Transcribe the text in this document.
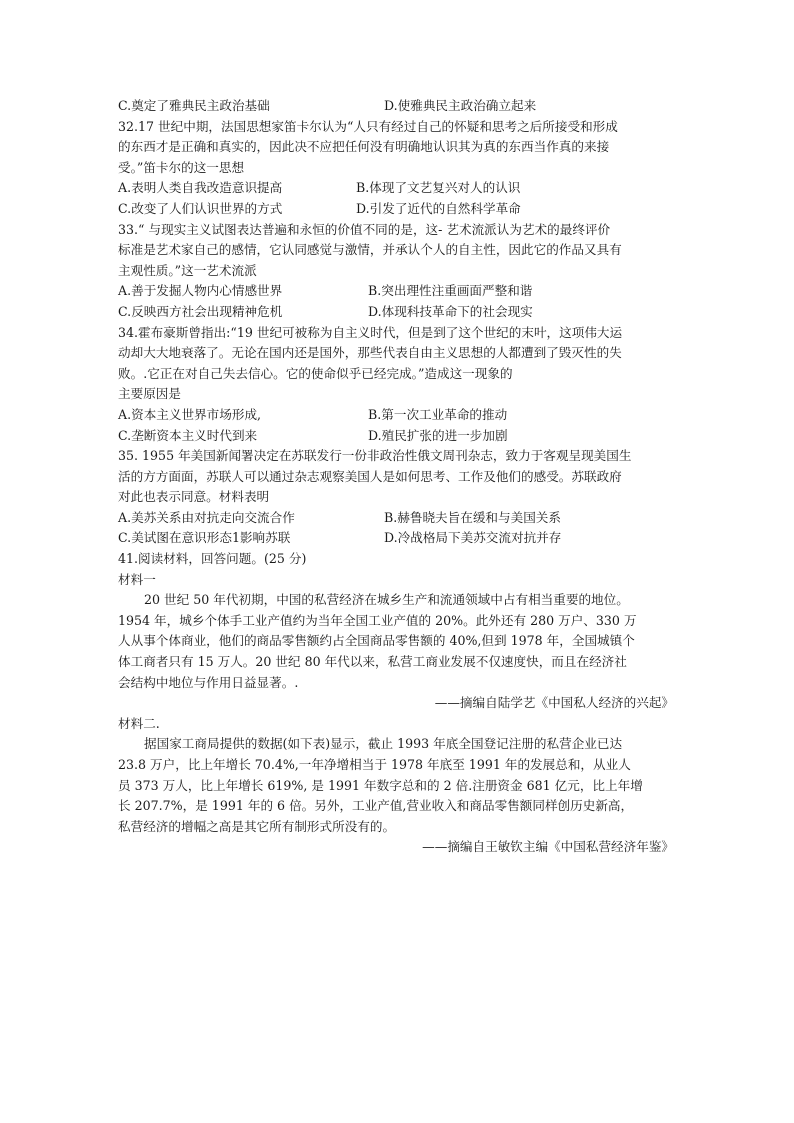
C.奠定了雅典民主政治基础	D.使雅典民主政治确立起来
32.17 世纪中期，法国思想家笛卡尔认为“人只有经过自己的怀疑和思考之后所接受和形成
的东西才是正确和真实的，因此决不应把任何没有明确地认识其为真的东西当作真的来接
受。”笛卡尔的这一思想
A.表明人类自我改造意识提高	B.体现了文艺复兴对人的认识
C.改变了人们认识世界的方式	D.引发了近代的自然科学革命
33.“ 与现实主义试图表达普遍和永恒的价值不同的是，这- 艺术流派认为艺术的最终评价
标准是艺术家自己的感情，它认同感觉与激情，并承认个人的自主性，因此它的作品又具有
主观性质。”这一艺术流派
A.善于发掘人物内心情感世界	B.突出理性注重画面严整和谐
C.反映西方社会出现精神危机	D.体现科技革命下的社会现实
34.霍布豪斯曾指出:“19 世纪可被称为自主义时代，但是到了这个世纪的末叶，这项伟大运
动却大大地衰落了。无论在国内还是国外，那些代表自由主义思想的人都遭到了毁灭性的失
败。.它正在对自己失去信心。它的使命似乎已经完成。”造成这一现象的
主要原因是
A.资本主义世界市场形成,	B.第一次工业革命的推动
C.垄断资本主义时代到来	D.殖民扩张的进一步加剧
35. 1955 年美国新闻署决定在苏联发行一份非政治性俄文周刊杂志，致力于客观呈现美国生
活的方方面面，苏联人可以通过杂志观察美国人是如何思考、工作及他们的感受。苏联政府
对此也表示同意。材料表明
A.美苏关系由对抗走向交流合作	B.赫鲁晓夫旨在缓和与美国关系
C.美试图在意识形态1影响苏联	D.冷战格局下美苏交流对抗并存
41.阅读材料，回答问题。(25 分)
材料一
20 世纪 50 年代初期，中国的私营经济在城乡生产和流通领域中占有相当重要的地位。
1954 年，城乡个体手工业产值约为当年全国工业产值的 20%。此外还有 280 万户、330 万
人从事个体商业，他们的商品零售额约占全国商品零售额的 40%,但到 1978 年，全国城镇个
体工商者只有 15 万人。20 世纪 80 年代以来，私营工商业发展不仅速度快，而且在经济社
会结构中地位与作用日益显著。.
——摘编自陆学艺《中国私人经济的兴起》
材料二.
据国家工商局提供的数据(如下表)显示，截止 1993 年底全国登记注册的私营企业已达
23.8 万户，比上年增长 70.4%,一年净增相当于 1978 年底至 1991 年的发展总和，从业人
员 373 万人，比上年增长 619%, 是 1991 年数字总和的 2 倍.注册资金 681 亿元，比上年增
长 207.7%，是 1991 年的 6 倍。另外，工业产值,营业收入和商品零售额同样创历史新高，
私营经济的增幅之高是其它所有制形式所没有的。
——摘编自王敏钦主编《中国私营经济年鉴》
